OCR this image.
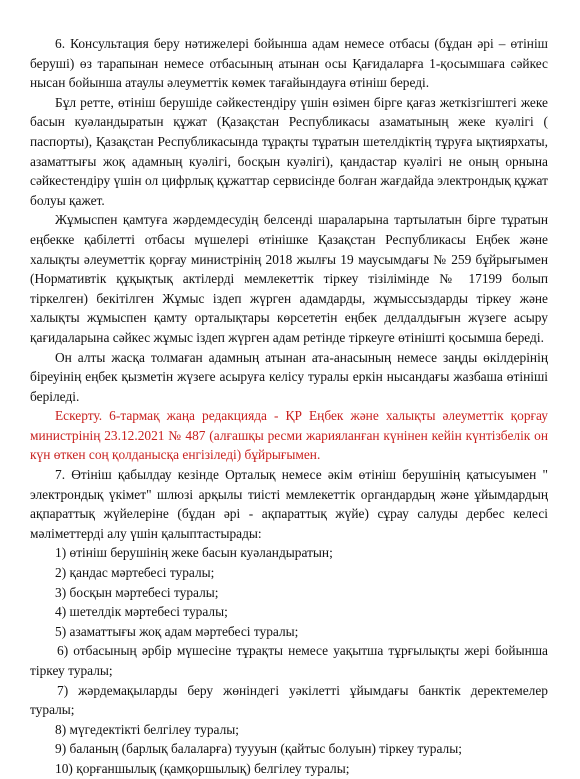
6. Консультация беру нәтижелері бойынша адам немесе отбасы (бұдан әрі – өтініш беруші) өз тарапынан немесе отбасының атынан осы Қағидаларға 1-қосымшаға сәйкес нысан бойынша атаулы әлеуметтік көмек тағайындауға өтініш береді.

Бұл ретте, өтініш берушіде сәйкестендіру үшін өзімен бірге қағаз жеткізгіштегі жеке басын куәландыратын құжат (Қазақстан Республикасы азаматының жеке куәлігі ( паспорты), Қазақстан Республикасында тұрақты тұратын шетелдіктің тұруға ықтиярхаты, азаматтығы жоқ адамның куәлігі, босқын куәлігі), қандастар куәлігі не оның орнына сәйкестендіру үшін ол цифрлық құжаттар сервисінде болған жағдайда электрондық құжат болуы қажет.

Жұмыспен қамтуға жәрдемдесудің белсенді шараларына тартылатын бірге тұратын еңбекке қабілетті отбасы мүшелері өтінішке Қазақстан Республикасы Еңбек және халықты әлеуметтік қорғау министрінің 2018 жылғы 19 маусымдағы № 259 бұйрығымен (Нормативтік құқықтық актілерді мемлекеттік тіркеу тізілімінде № 17199 болып тіркелген) бекітілген Жұмыс іздеп жүрген адамдарды, жұмыссыздарды тіркеу және халықты жұмыспен қамту орталықтары көрсететін еңбек делдалдығын жүзеге асыру қағидаларына сәйкес жұмыс іздеп жүрген адам ретінде тіркеуге өтінішті қосымша береді.

Он алты жасқа толмаған адамның атынан ата-анасының немесе заңды өкілдерінің біреуінің еңбек қызметін жүзеге асыруға келісу туралы еркін нысандағы жазбаша өтініші беріледі.

Ескерту. 6-тармақ жаңа редакцияда - ҚР Еңбек және халықты әлеуметтік қорғау министрінің 23.12.2021 № 487 (алғашқы ресми жарияланған күнінен кейін күнтізбелік он күн өткен соң қолданысқа енгізіледі) бұйрығымен.

7. Өтініш қабылдау кезінде Орталық немесе әкім өтініш берушінің қатысуымен " электрондық үкімет" шлюзі арқылы тиісті мемлекеттік органдардың және ұйымдардың ақпараттық жүйелеріне (бұдан әрі - ақпараттық жүйе) сұрау салуды дербес келесі мәліметтерді алу үшін қалыптастырады:

1) өтініш берушінің жеке басын куәландыратын;

2) қандас мәртебесі туралы;

3) босқын мәртебесі туралы;

4) шетелдік мәртебесі туралы;

5) азаматтығы жоқ адам мәртебесі туралы;

6) отбасының әрбір мүшесіне тұрақты немесе уақытша тұрғылықты жері бойынша тіркеу туралы;

7) жәрдемақыларды беру жөніндегі уәкілетті ұйымдағы банктік деректемелер туралы;

8) мүгедектікті белгілеу туралы;

9) баланың (барлық балаларға) туууын (қайтыс болуын) тіркеу туралы;

10) қорғаншылық (қамқоршылық) белгілеу туралы;
